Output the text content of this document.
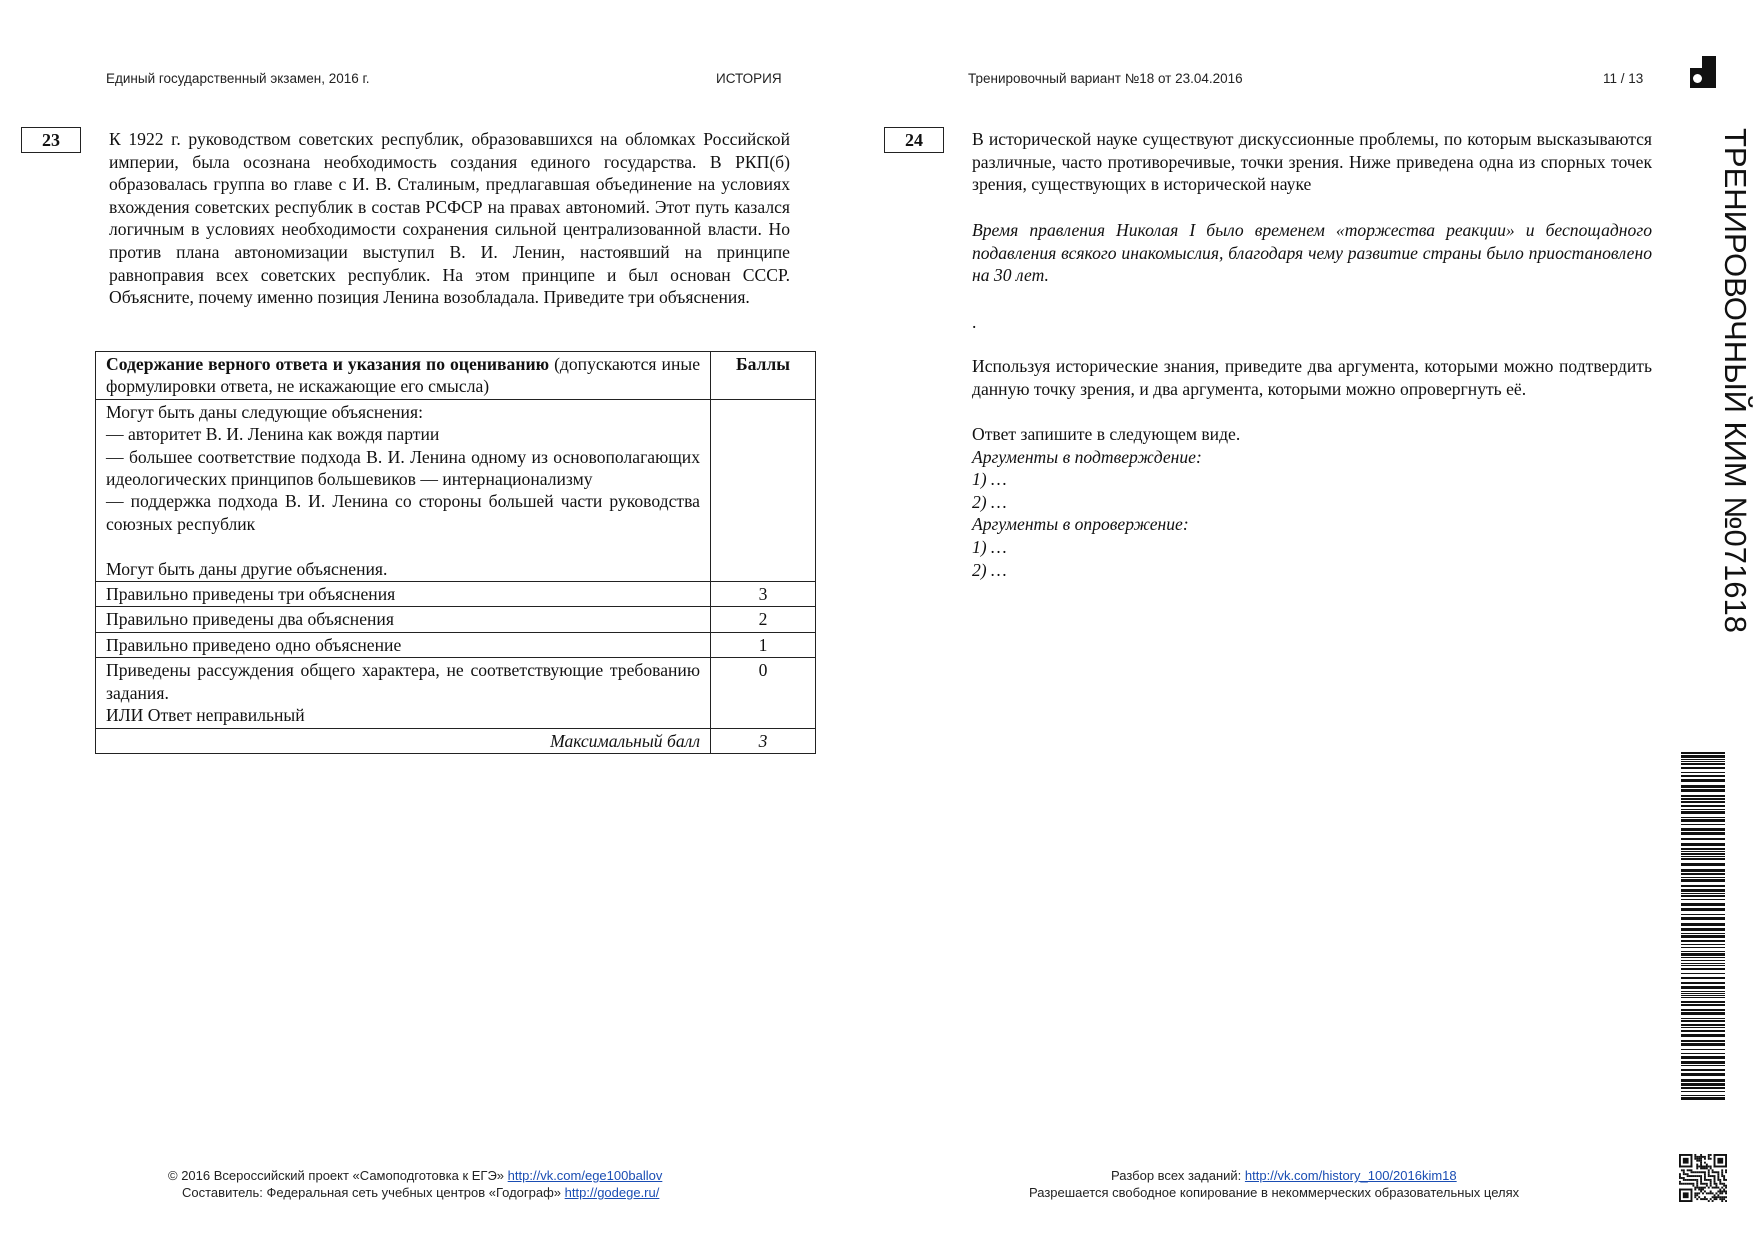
Единый государственный экзамен, 2016 г.	ИСТОРИЯ	Тренировочный вариант №18 от 23.04.2016	11 / 13
ТРЕНИРОВОЧНЫЙ КИМ №071618
23	К 1922 г. руководством советских республик, образовавшихся на обломках Российской империи, была осознана необходимость создания единого государства. В РКП(б) образовалась группа во главе с И. В. Сталиным, предлагавшая объединение на условиях вхождения советских республик в состав РСФСР на правах автономий. Этот путь казался логичным в условиях необходимости сохранения сильной централизованной власти. Но против плана автономизации выступил В. И. Ленин, настоявший на принципе равноправия всех советских республик. На этом принципе и был основан СССР. Объясните, почему именно позиция Ленина возобладала. Приведите три объяснения.

Содержание верного ответа и указания по оцениванию (допускаются иные формулировки ответа, не искажающие его смысла)	Баллы

Могут быть даны следующие объяснения:
— авторитет В. И. Ленина как вождя партии
— большее соответствие подхода В. И. Ленина одному из основополагающих идеологических принципов большевиков — интернационализму
— поддержка подхода В. И. Ленина со стороны большей части руководства союзных республик

Могут быть даны другие объяснения.	

Правильно приведены три объяснения	3
Правильно приведены два объяснения	2
Правильно приведено одно объяснение	1

Приведены рассуждения общего характера, не соответствующие требованию задания.
ИЛИ Ответ неправильный	0
Максимальный балл	3
24	В исторической науке существуют дискуссионные проблемы, по которым высказываются различные, часто противоречивые, точки зрения. Ниже приведена одна из спорных точек зрения, существующих в исторической науке

Время правления Николая I было временем «торжества реакции» и беспощадного подавления всякого инакомыслия, благодаря чему развитие страны было приостановлено на 30 лет.

.

Используя исторические знания, приведите два аргумента, которыми можно подтвердить данную точку зрения, и два аргумента, которыми можно опровергнуть её.

Ответ запишите в следующем виде.
Аргументы в подтверждение:
1) …
2) …
Аргументы в опровержение:
1) …
2) …
© 2016 Всероссийский проект «Самоподготовка к ЕГЭ» http://vk.com/ege100ballov
Составитель: Федеральная сеть учебных центров «Годограф» http://godege.ru/
Разбор всех заданий: http://vk.com/history_100/2016kim18
Разрешается свободное копирование в некоммерческих образовательных целях
